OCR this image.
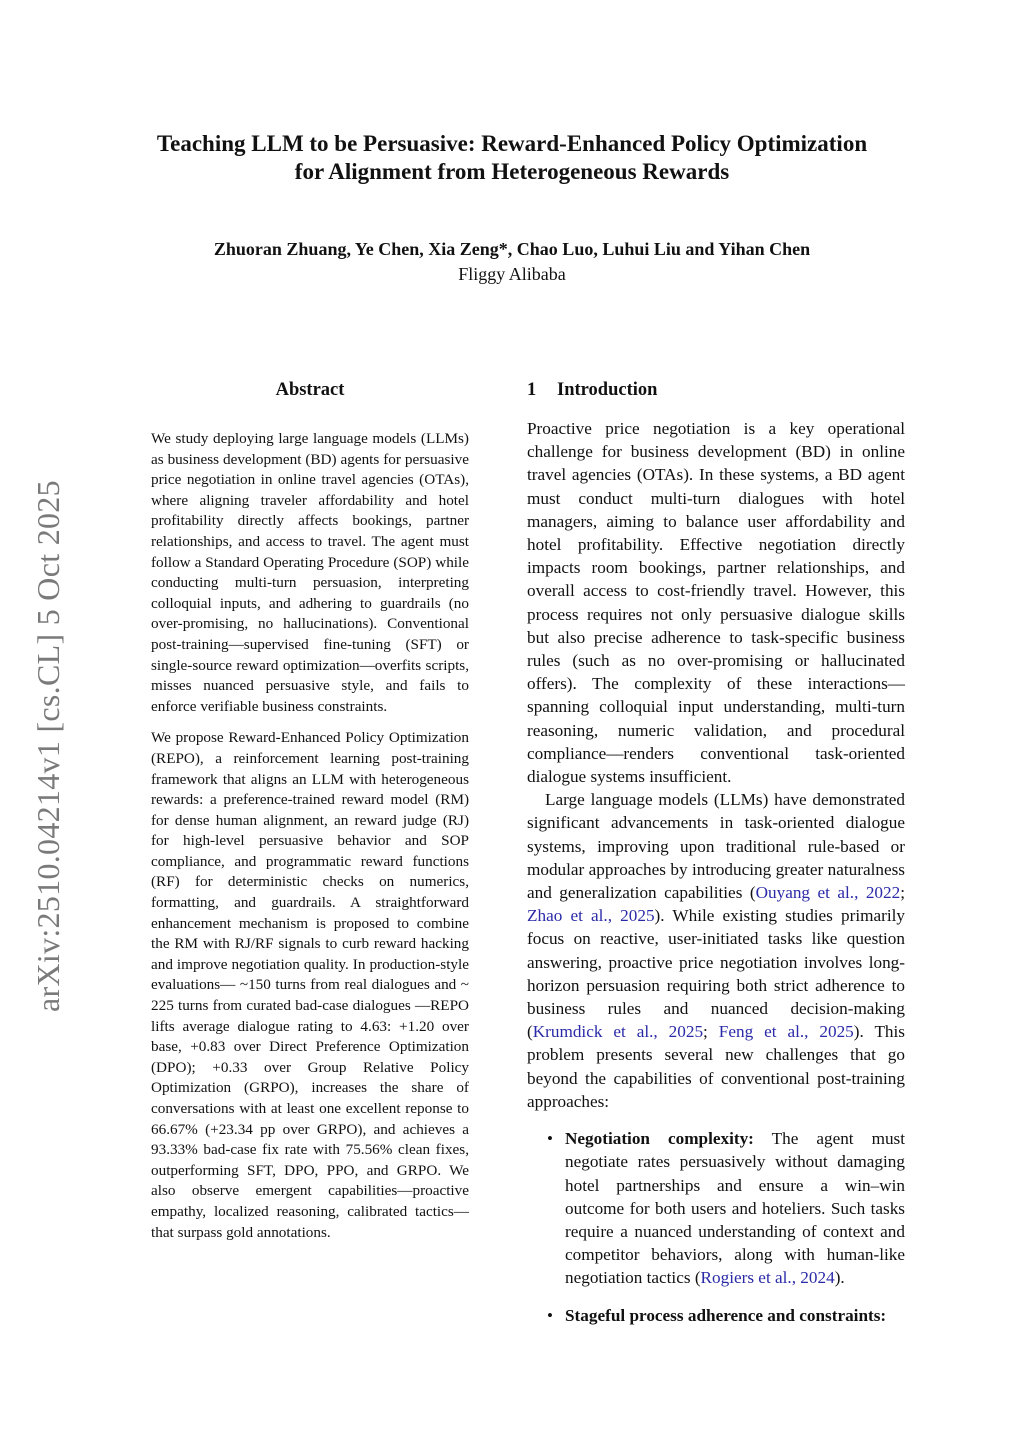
Teaching LLM to be Persuasive: Reward-Enhanced Policy Optimization
for Alignment from Heterogeneous Rewards
Zhuoran Zhuang, Ye Chen, Xia Zeng*, Chao Luo, Luhui Liu and Yihan Chen
Fliggy Alibaba
arXiv:2510.04214v1 [cs.CL] 5 Oct 2025
Abstract

We study deploying large language models (LLMs) as business development (BD) agents for persuasive price negotiation in online travel agencies (OTAs), where aligning traveler affordability and hotel profitability directly affects bookings, partner relationships, and access to travel. The agent must follow a Standard Operating Procedure (SOP) while conducting multi-turn persuasion, interpreting colloquial inputs, and adhering to guardrails (no over-promising, no hallucinations). Conventional post-training—supervised fine-tuning (SFT) or single-source reward optimization—overfits scripts, misses nuanced persuasive style, and fails to enforce verifiable business constraints.

We propose Reward-Enhanced Policy Optimization (REPO), a reinforcement learning post-training framework that aligns an LLM with heterogeneous rewards: a preference-trained reward model (RM) for dense human alignment, an reward judge (RJ) for high-level persuasive behavior and SOP compliance, and programmatic reward functions (RF) for deterministic checks on numerics, formatting, and guardrails. A straightforward enhancement mechanism is proposed to combine the RM with RJ/RF signals to curb reward hacking and improve negotiation quality. In production-style evaluations— ~150 turns from real dialogues and ~ 225 turns from curated bad-case dialogues —REPO lifts average dialogue rating to 4.63: +1.20 over base, +0.83 over Direct Preference Optimization (DPO); +0.33 over Group Relative Policy Optimization (GRPO), increases the share of conversations with at least one excellent reponse to 66.67% (+23.34 pp over GRPO), and achieves a 93.33% bad-case fix rate with 75.56% clean fixes, outperforming SFT, DPO, PPO, and GRPO. We also observe emergent capabilities—proactive empathy, localized reasoning, calibrated tactics—that surpass gold annotations.

1 Introduction

Proactive price negotiation is a key operational challenge for business development (BD) in online travel agencies (OTAs). In these systems, a BD agent must conduct multi-turn dialogues with hotel managers, aiming to balance user affordability and hotel profitability. Effective negotiation directly impacts room bookings, partner relationships, and overall access to cost-friendly travel. However, this process requires not only persuasive dialogue skills but also precise adherence to task-specific business rules (such as no over-promising or hallucinated offers). The complexity of these interactions—spanning colloquial input understanding, multi-turn reasoning, numeric validation, and procedural compliance—renders conventional task-oriented dialogue systems insufficient.

Large language models (LLMs) have demonstrated significant advancements in task-oriented dialogue systems, improving upon traditional rule-based or modular approaches by introducing greater naturalness and generalization capabilities (Ouyang et al., 2022; Zhao et al., 2025). While existing studies primarily focus on reactive, user-initiated tasks like question answering, proactive price negotiation involves long-horizon persuasion requiring both strict adherence to business rules and nuanced decision-making (Krumdick et al., 2025; Feng et al., 2025). This problem presents several new challenges that go beyond the capabilities of conventional post-training approaches:

• Negotiation complexity: The agent must negotiate rates persuasively without damaging hotel partnerships and ensure a win–win outcome for both users and hoteliers. Such tasks require a nuanced understanding of context and competitor behaviors, along with human-like negotiation tactics (Rogiers et al., 2024).
• Stageful process adherence and constraints:
